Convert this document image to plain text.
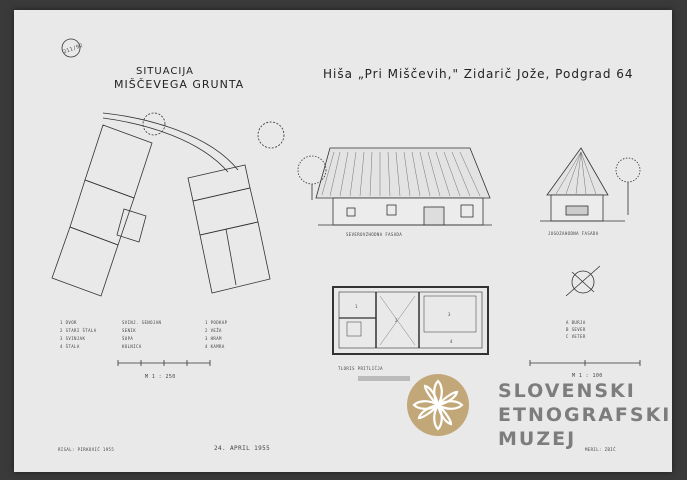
211/92
SITUACIJA
MIŠČEVEGA GRUNTA
Hiša „Pri Miščevih," Zidarič Jože, Podgrad 64
SEVEROVZHODNA FASADA	JUGOZAHODNA FASADA
TLORIS PRITLIČJA
1
2
3
4
1 DVOR
2 STARI ŠTALA
3 SVINJAK
4 ŠTALA
SVINJ. SENOJAN
SENIK
ŠUPA
KOLNICA
1 PODKAP
2 VEŽA
3 HRAM
4 KAMRA
A BURJA
B SEVER
C VETER
M 1 : 250	M 1 : 100
RISAL: PIRKOVIČ 1955	24. APRIL 1955	MERIL: ZBIČ
SLOVENSKI
ETNOGRAFSKI
MUZEJ
